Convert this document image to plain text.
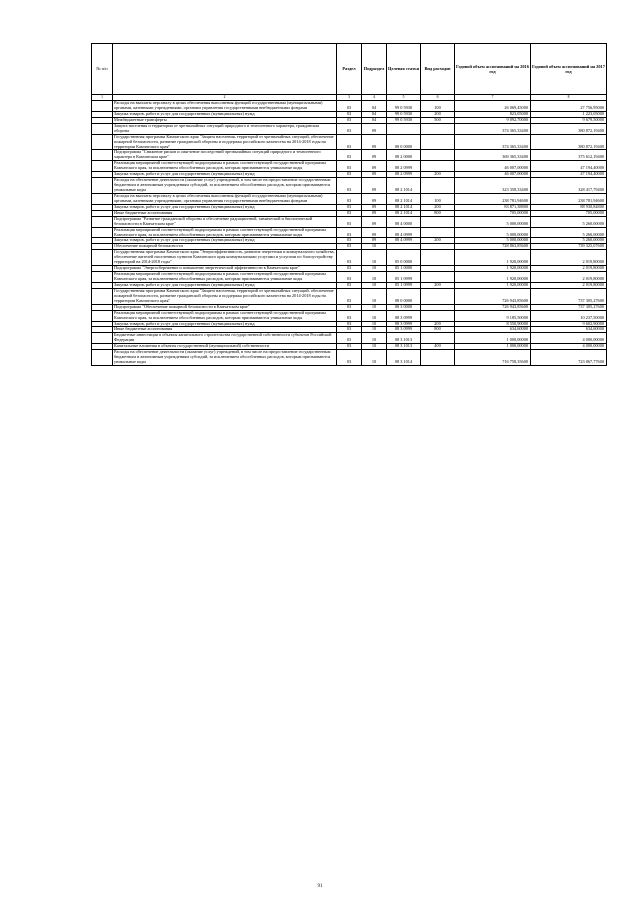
№ п/п		Раздел	Подраздел	Целевая статья	Вид расходов	Годовой объем ассигнований на 2016 год	Годовой объем ассигнований на 2017 год
1	2	3	4	5	6	7	8
	Расходы на выплаты персоналу в целях обеспечения выполнения функций государственными (муниципальными) органами, казенными учреждениями, органами управления государственными внебюджетными фондами	03	04	99 0 5930	100	26 069,45000	27 756,95000
	Закупка товаров, работ и услуг для государственных (муниципальных) нужд	03	04	99 0 5930	200	823,05000	1 223,05000
	Межбюджетные трансферты	03	04	99 0 5930	500	9 092,70000	9 679,50000
	Защита населения и территории от чрезвычайных ситуаций природного и техногенного характера, гражданская оборона	03	09			374 365,33400	380 872,19400
	Государственная программа Камчатского края "Защита населения, территорий от чрезвычайных ситуаций, обеспечение пожарной безопасности, развитие гражданской обороны и поддержка российского казачества на 2014-2018 годы на территории Камчатского края"	03	09	08 0 0000		374 365,33400	380 872,19400
	Подпрограмма "Снижение рисков и смягчение последствий чрезвычайных ситуаций природного и техногенного характера в Камчатском крае"	03	09	08 2 0000		369 365,33400	375 612,19400
	Реализация мероприятий соответствующей подпрограммы в рамках соответствующей государственной программы Камчатского края, за исключением обособленных расходов, которым присваиваются уникальные коды	03	09	08 2 0999		46 007,00000	47 194,40000
	Закупка товаров, работ и услуг для государственных (муниципальных) нужд	03	09	08 2 0999	200	46 007,00000	47 194,40000
	Расходы на обеспечение деятельности (оказание услуг) учреждений, в том числе на предоставление государственным бюджетным и автономным учреждениям субсидий, за исключением обособленных расходов, которым присваиваются уникальные коды	03	09	08 2 1014		323 358,33400	328 417,79400
	Расходы на выплаты персоналу в целях обеспечения выполнения функций государственными (муниципальными) органами, казенными учреждениями, органами управления государственными внебюджетными фондами	03	09	08 2 1014	100	238 781,94600	238 781,94600
	Закупка товаров, работ и услуг для государственных (муниципальных) нужд	03	09	08 2 1014	200	83 871,38800	88 930,84800
	Иные бюджетные ассигнования	03	09	08 2 1014	800	705,00000	705,00000
	Подпрограмма "Развитие гражданской обороны и обеспечение радиационной, химической и биологической безопасности в Камчатском крае"	03	09	08 4 0000		5 000,00000	5 260,00000
	Реализация мероприятий соответствующей подпрограммы в рамках соответствующей государственной программы Камчатского края, за исключением обособленных расходов, которым присваиваются уникальные коды	03	09	08 4 0999		5 000,00000	5 260,00000
	Закупка товаров, работ и услуг для государственных (муниципальных) нужд	03	09	08 4 0999	200	5 000,00000	5 260,00000
	Обеспечение пожарной безопасности	03	10			728 863,85600	739 325,07600
	Государственная программа Камчатского края "Энергоэффективность, развитие энергетики и коммунального хозяйства, обеспечение жителей населенных пунктов Камчатского края коммунальными услугами и услугами по благоустройству территорий на 2014-2018 годы"	03	10	05 0 0000		1 920,00000	2 019,80000
	Подпрограмма "Энергосбережение и повышение энергетической эффективности в Камчатском крае"	03	10	05 1 0000		1 920,00000	2 019,80000
	Реализация мероприятий соответствующей подпрограммы в рамках соответствующей государственной программы Камчатского края, за исключением обособленных расходов, которым присваиваются уникальные коды	03	10	05 1 0999		1 920,00000	2 019,80000
	Закупка товаров, работ и услуг для государственных (муниципальных) нужд	03	10	05 1 0999	200	1 920,00000	2 019,80000
	Государственная программа Камчатского края "Защита населения, территорий от чрезвычайных ситуаций, обеспечение пожарной безопасности, развитие гражданской обороны и поддержка российского казачества на 2014-2018 годы на территории Камчатского края"	03	10	08 0 0000		726 943,85600	737 305,27600
	Подпрограмма "Обеспечение пожарной безопасности в Камчатском крае"	03	10	08 3 0000		726 943,85600	737 305,27600
	Реализация мероприятий соответствующей подпрограммы в рамках соответствующей государственной программы Камчатского края, за исключением обособленных расходов, которым присваиваются уникальные коды	03	10	08 3 0999		9 185,50000	10 237,50000
	Закупка товаров, работ и услуг для государственных (муниципальных) нужд	03	10	08 3 0999	200	8 550,90000	9 602,90000
	Иные бюджетные ассигнования	03	10	08 3 0999	800	634,60000	634,60000
	Бюджетные инвестиции в объекты капитального строительства государственной собственности субъектов Российской Федерации	03	10	08 3 1013		1 000,00000	4 000,00000
	Капитальные вложения в объекты государственной (муниципальной) собственности	03	10	08 3 1013	400	1 000,00000	4 000,00000
	Расходы на обеспечение деятельности (оказание услуг) учреждений, в том числе на предоставление государственным бюджетным и автономным учреждениям субсидий, за исключением обособленных расходов, которым присваиваются уникальные коды	03	10	08 3 1014		716 758,35600	723 067,77600
91
